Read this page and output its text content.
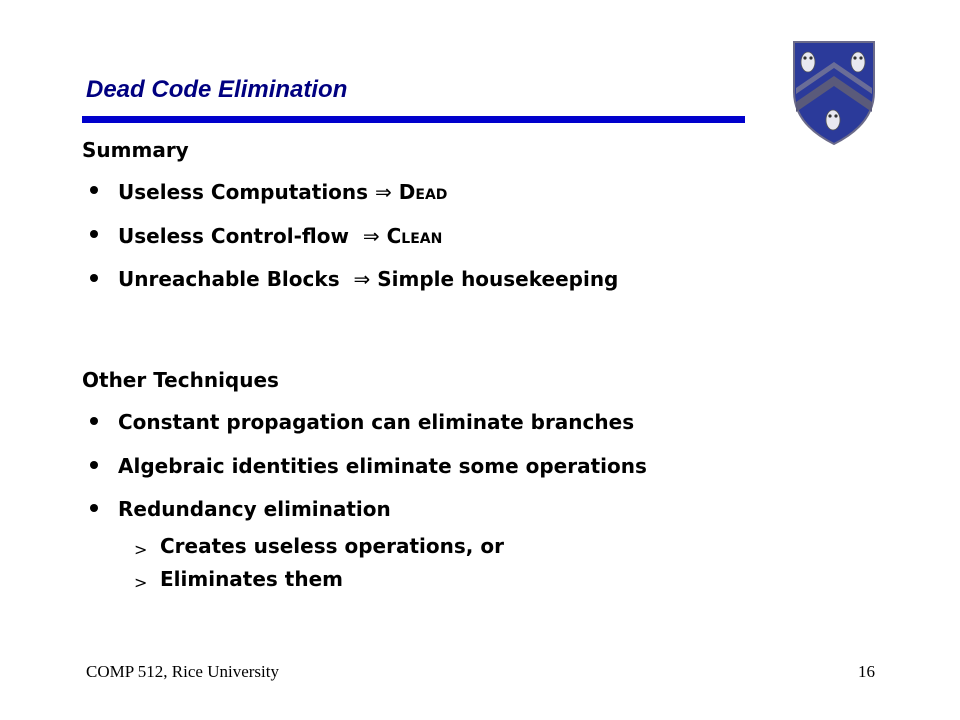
Dead Code Elimination
Summary
Useless Computations ⇒ Dead
Useless Control-flow ⇒ Clean
Unreachable Blocks ⇒ Simple housekeeping
Other Techniques
Constant propagation can eliminate branches
Algebraic identities eliminate some operations
Redundancy elimination
> Creates useless operations, or
> Eliminates them
COMP 512, Rice University	16
